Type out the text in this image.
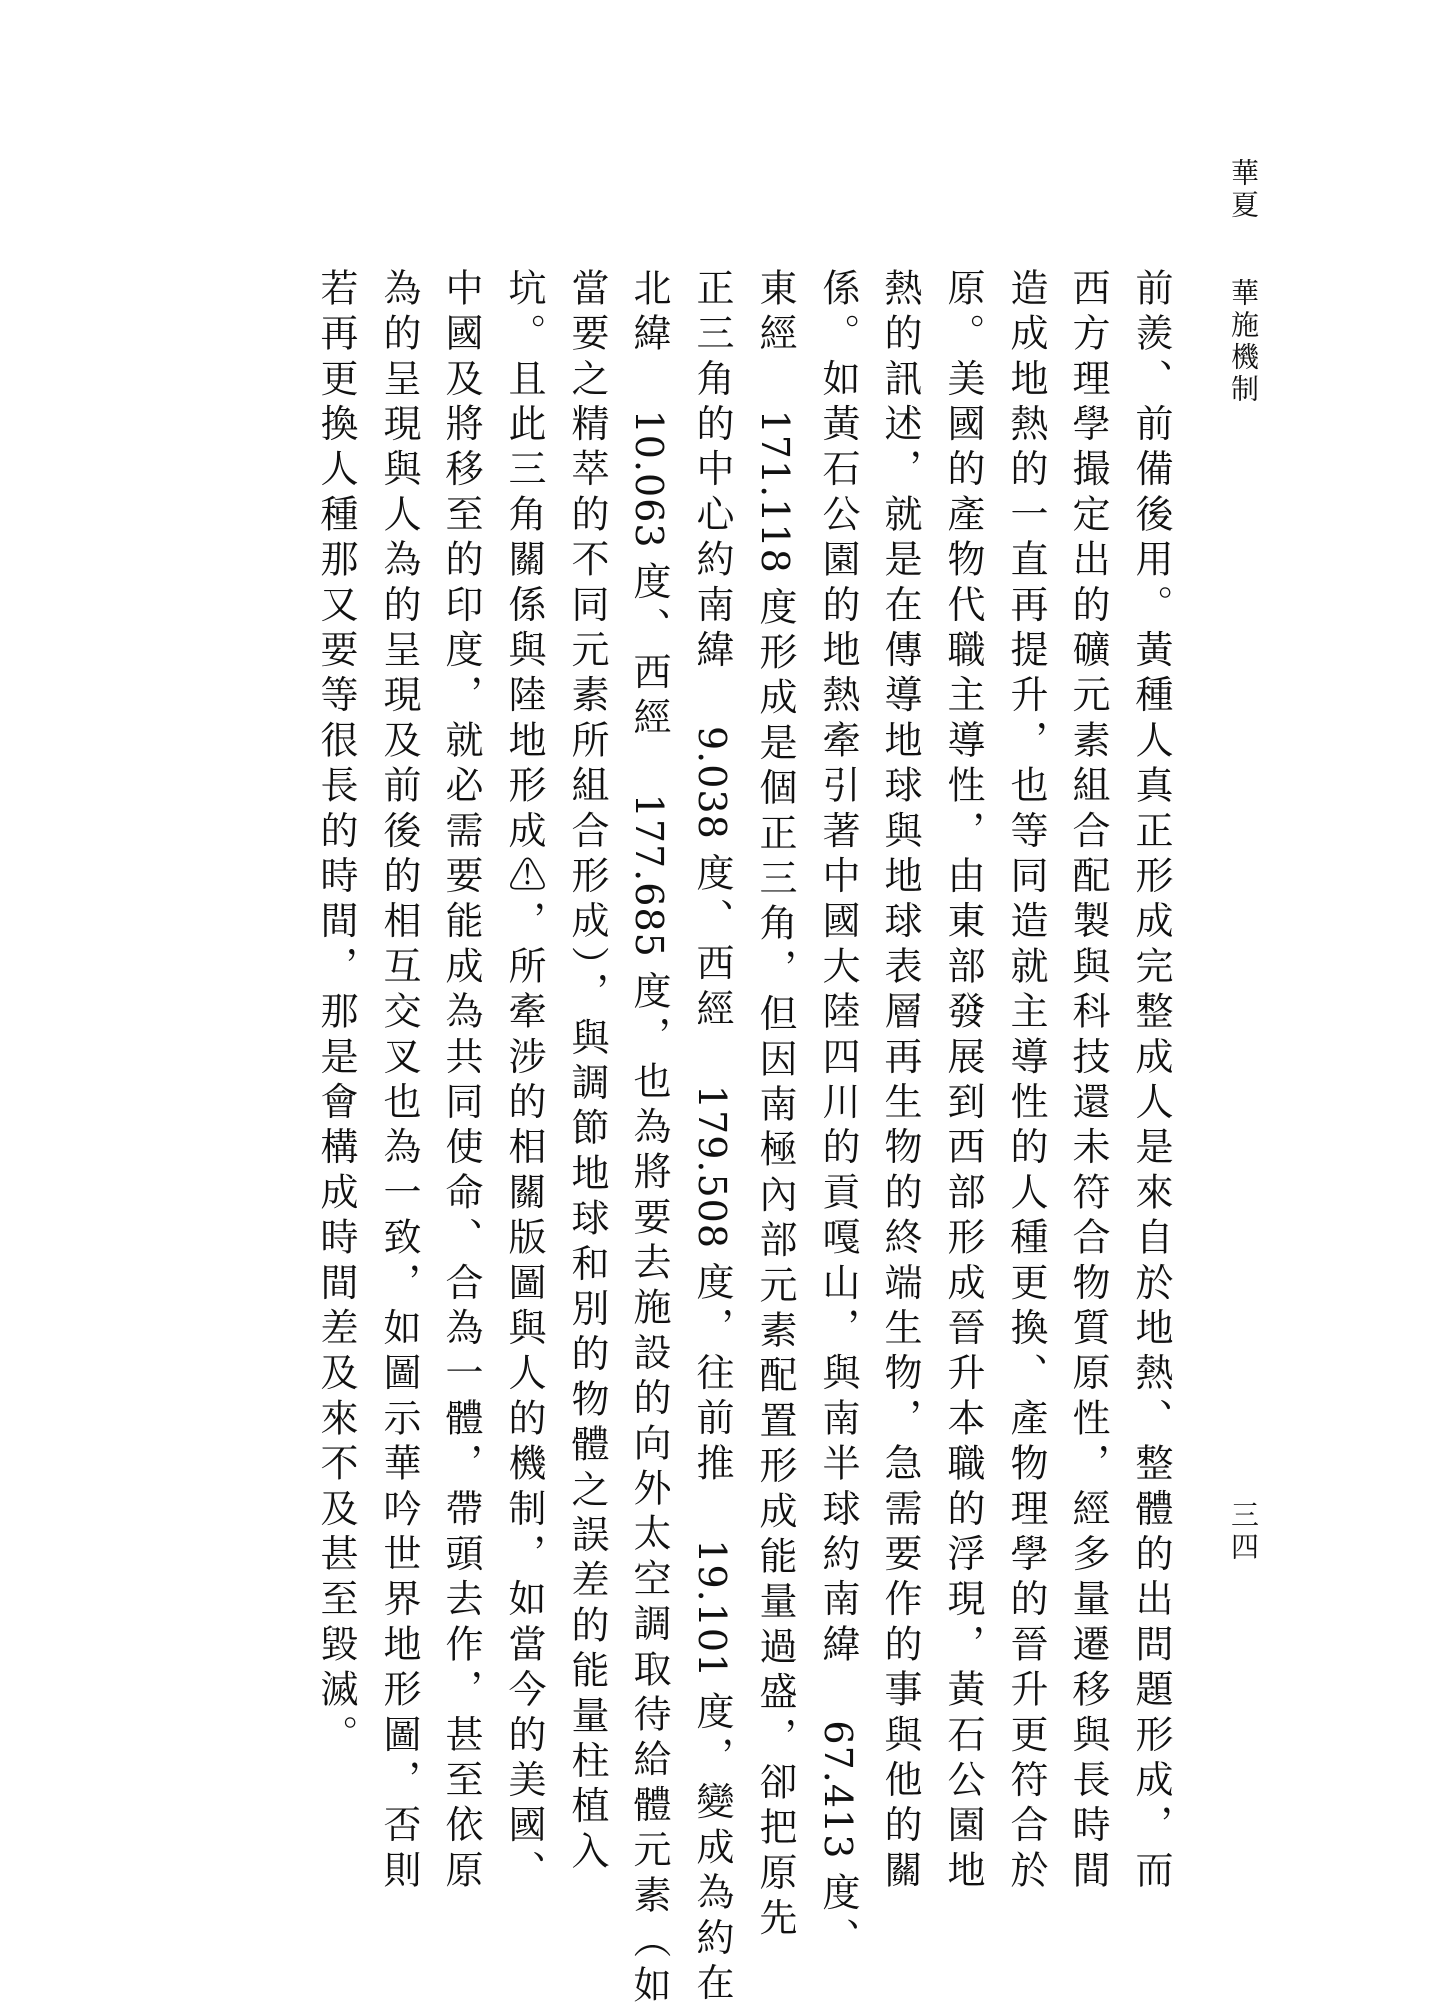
華夏
華施機制
三四
前羨、前備後用。黃種人真正形成完整成人是來自於地熱、整體的出問題形成，而
西方理學撮定出的礦元素組合配製與科技還未符合物質原性，經多量遷移與長時間
造成地熱的一直再提升，也等同造就主導性的人種更換、產物理學的晉升更符合於
原。美國的產物代職主導性，由東部發展到西部形成晉升本職的浮現，黃石公園地
熱的訊述，就是在傳導地球與地球表層再生物的終端生物，急需要作的事與他的關
係。如黃石公園的地熱牽引著中國大陸四川的貢嘎山，與南半球約南緯 67.413 度、
東經 171.118 度形成是個正三角，但因南極內部元素配置形成能量過盛，卻把原先
正三角的中心約南緯 9.038 度、西經 179.508 度，往前推 19.101 度，變成為約在
北緯 10.063 度、西經 177.685 度，也為將要去施設的向外太空調取待給體元素（如
當要之精萃的不同元素所組合形成），與調節地球和別的物體之誤差的能量柱植入
坑。且此三角關係與陸地形成⚠，所牽涉的相關版圖與人的機制，如當今的美國、
中國及將移至的印度，就必需要能成為共同使命、合為一體，帶頭去作，甚至依原
為的呈現與人為的呈現及前後的相互交叉也為一致，如圖示華吟世界地形圖，否則
若再更換人種那又要等很長的時間，那是會構成時間差及來不及甚至毀滅。
